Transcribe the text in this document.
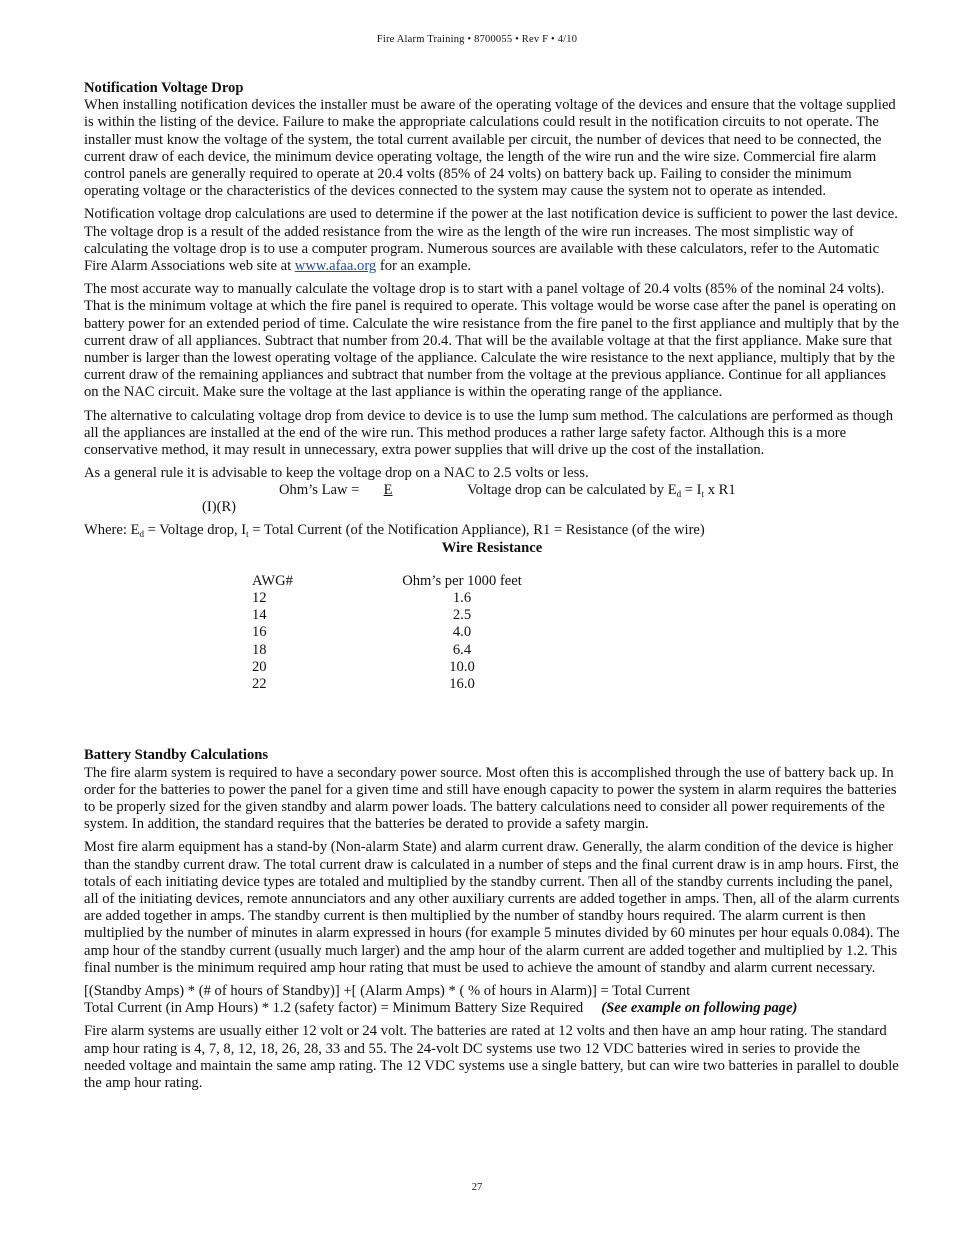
Fire Alarm Training • 8700055 • Rev F • 4/10

Notification Voltage Drop

When installing notification devices the installer must be aware of the operating voltage of the devices and ensure that the voltage supplied is within the listing of the device. Failure to make the appropriate calculations could result in the notification circuits to not operate. The installer must know the voltage of the system, the total current available per circuit, the number of devices that need to be connected, the current draw of each device, the minimum device operating voltage, the length of the wire run and the wire size. Commercial fire alarm control panels are generally required to operate at 20.4 volts (85% of 24 volts) on battery back up. Failing to consider the minimum operating voltage or the characteristics of the devices connected to the system may cause the system not to operate as intended.

Notification voltage drop calculations are used to determine if the power at the last notification device is sufficient to power the last device. The voltage drop is a result of the added resistance from the wire as the length of the wire run increases. The most simplistic way of calculating the voltage drop is to use a computer program. Numerous sources are available with these calculators, refer to the Automatic Fire Alarm Associations web site at www.afaa.org for an example.

The most accurate way to manually calculate the voltage drop is to start with a panel voltage of 20.4 volts (85% of the nominal 24 volts). That is the minimum voltage at which the fire panel is required to operate. This voltage would be worse case after the panel is operating on battery power for an extended period of time. Calculate the wire resistance from the fire panel to the first appliance and multiply that by the current draw of all appliances. Subtract that number from 20.4. That will be the available voltage at that the first appliance. Make sure that number is larger than the lowest operating voltage of the appliance. Calculate the wire resistance to the next appliance, multiply that by the current draw of the remaining appliances and subtract that number from the voltage at the previous appliance. Continue for all appliances on the NAC circuit. Make sure the voltage at the last appliance is within the operating range of the appliance.

The alternative to calculating voltage drop from device to device is to use the lump sum method. The calculations are performed as though all the appliances are installed at the end of the wire run. This method produces a rather large safety factor. Although this is a more conservative method, it may result in unnecessary, extra power supplies that will drive up the cost of the installation.

As a general rule it is advisable to keep the voltage drop on a NAC to 2.5 volts or less.

Ohm’s Law = E	Voltage drop can be calculated by $E_d = I_t$ x R1
(I)(R)

Where: $E_d$ = Voltage drop, $I_t$ = Total Current (of the Notification Appliance), R1 = Resistance (of the wire)

Wire Resistance
AWG#	Ohm’s per 1000 feet
12	1.6
14	2.5
16	4.0
18	6.4
20	10.0
22	16.0

Battery Standby Calculations

The fire alarm system is required to have a secondary power source. Most often this is accomplished through the use of battery back up. In order for the batteries to power the panel for a given time and still have enough capacity to power the system in alarm requires the batteries to be properly sized for the given standby and alarm power loads. The battery calculations need to consider all power requirements of the system. In addition, the standard requires that the batteries be derated to provide a safety margin.

Most fire alarm equipment has a stand-by (Non-alarm State) and alarm current draw. Generally, the alarm condition of the device is higher than the standby current draw. The total current draw is calculated in a number of steps and the final current draw is in amp hours. First, the totals of each initiating device types are totaled and multiplied by the standby current. Then all of the standby currents including the panel, all of the initiating devices, remote annunciators and any other auxiliary currents are added together in amps. Then, all of the alarm currents are added together in amps. The standby current is then multiplied by the number of standby hours required. The alarm current is then multiplied by the number of minutes in alarm expressed in hours (for example 5 minutes divided by 60 minutes per hour equals 0.084). The amp hour of the standby current (usually much larger) and the amp hour of the alarm current are added together and multiplied by 1.2. This final number is the minimum required amp hour rating that must be used to achieve the amount of standby and alarm current necessary.

[(Standby Amps) * (# of hours of Standby)] +[ (Alarm Amps) * ( % of hours in Alarm)] = Total Current

Total Current (in Amp Hours) * 1.2 (safety factor) = Minimum Battery Size Required (See example on following page)

Fire alarm systems are usually either 12 volt or 24 volt. The batteries are rated at 12 volts and then have an amp hour rating. The standard amp hour rating is 4, 7, 8, 12, 18, 26, 28, 33 and 55. The 24-volt DC systems use two 12 VDC batteries wired in series to provide the needed voltage and maintain the same amp rating. The 12 VDC systems use a single battery, but can wire two batteries in parallel to double the amp hour rating.

27
